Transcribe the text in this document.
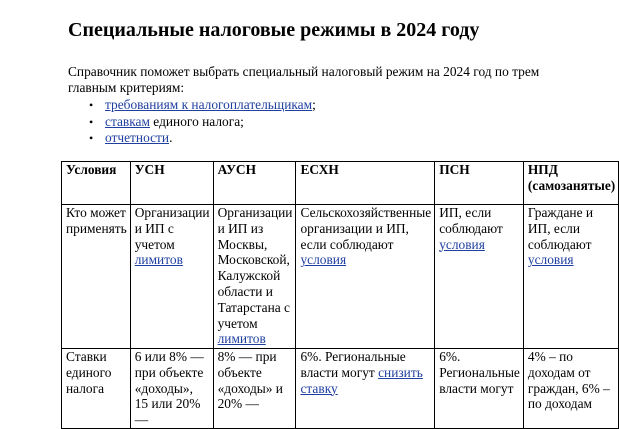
Специальные налоговые режимы в 2024 году

Справочник поможет выбрать специальный налоговый режим на 2024 год по трем главным критериям:

• требованиям к налогоплательщикам;
• ставкам единого налога;
• отчетности.
Условия	УСН	АУСН	ЕСХН	ПСН	НПД (самозанятые)
Кто может применять	Организации и ИП с учетом лимитов	Организации и ИП из Москвы, Московской, Калужской области и Татарстана с учетом лимитов	Сельскохозяйственные организации и ИП, если соблюдают условия	ИП, если соблюдают условия	Граждане и ИП, если соблюдают условия
Ставки единого налога	6 или 8% — при объекте «доходы», 15 или 20% —	8% — при объекте «доходы» и 20% —	6%. Региональные власти могут снизить ставку	6%. Региональные власти могут	4% – по доходам от граждан, 6% – по доходам
